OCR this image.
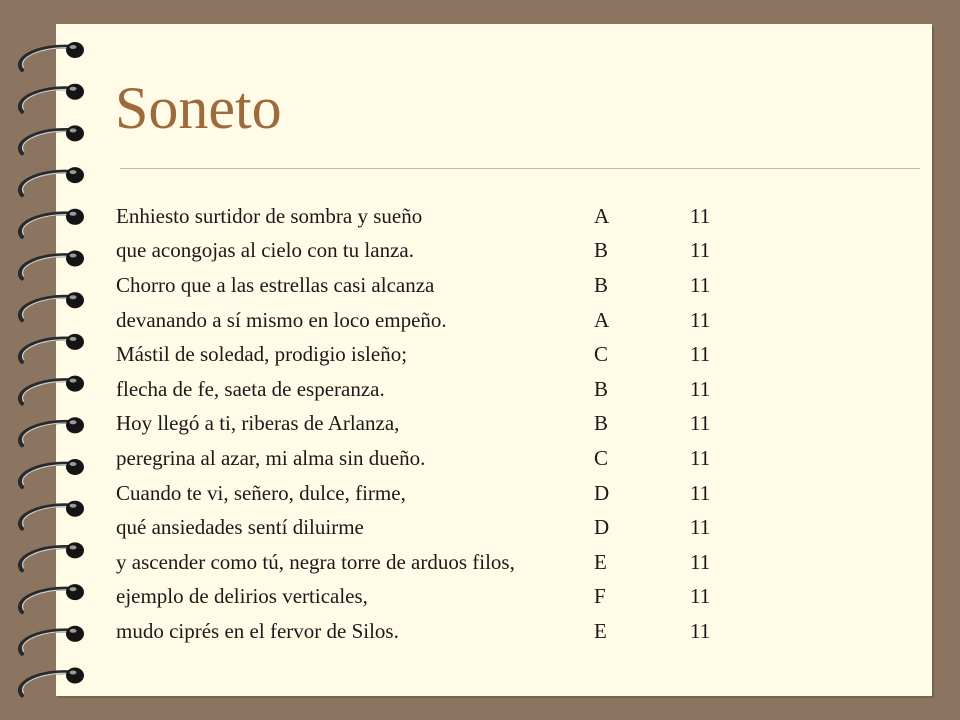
Soneto
Enhiesto surtidor de sombra y sueño	A	11
que acongojas al cielo con tu lanza.	B	11
Chorro que a las estrellas casi alcanza	B	11
devanando a sí mismo en loco empeño.	A	11
Mástil de soledad, prodigio isleño;	C	11
flecha de fe, saeta de esperanza.	B	11
Hoy llegó a ti, riberas de Arlanza,	B	11
peregrina al azar, mi alma sin dueño.	C	11
Cuando te vi, señero, dulce, firme,	D	11
qué ansiedades sentí diluirme	D	11
y ascender como tú, negra torre de arduos filos,	E	11
ejemplo de delirios verticales,	F	11
mudo ciprés en el fervor de Silos.	E	11
